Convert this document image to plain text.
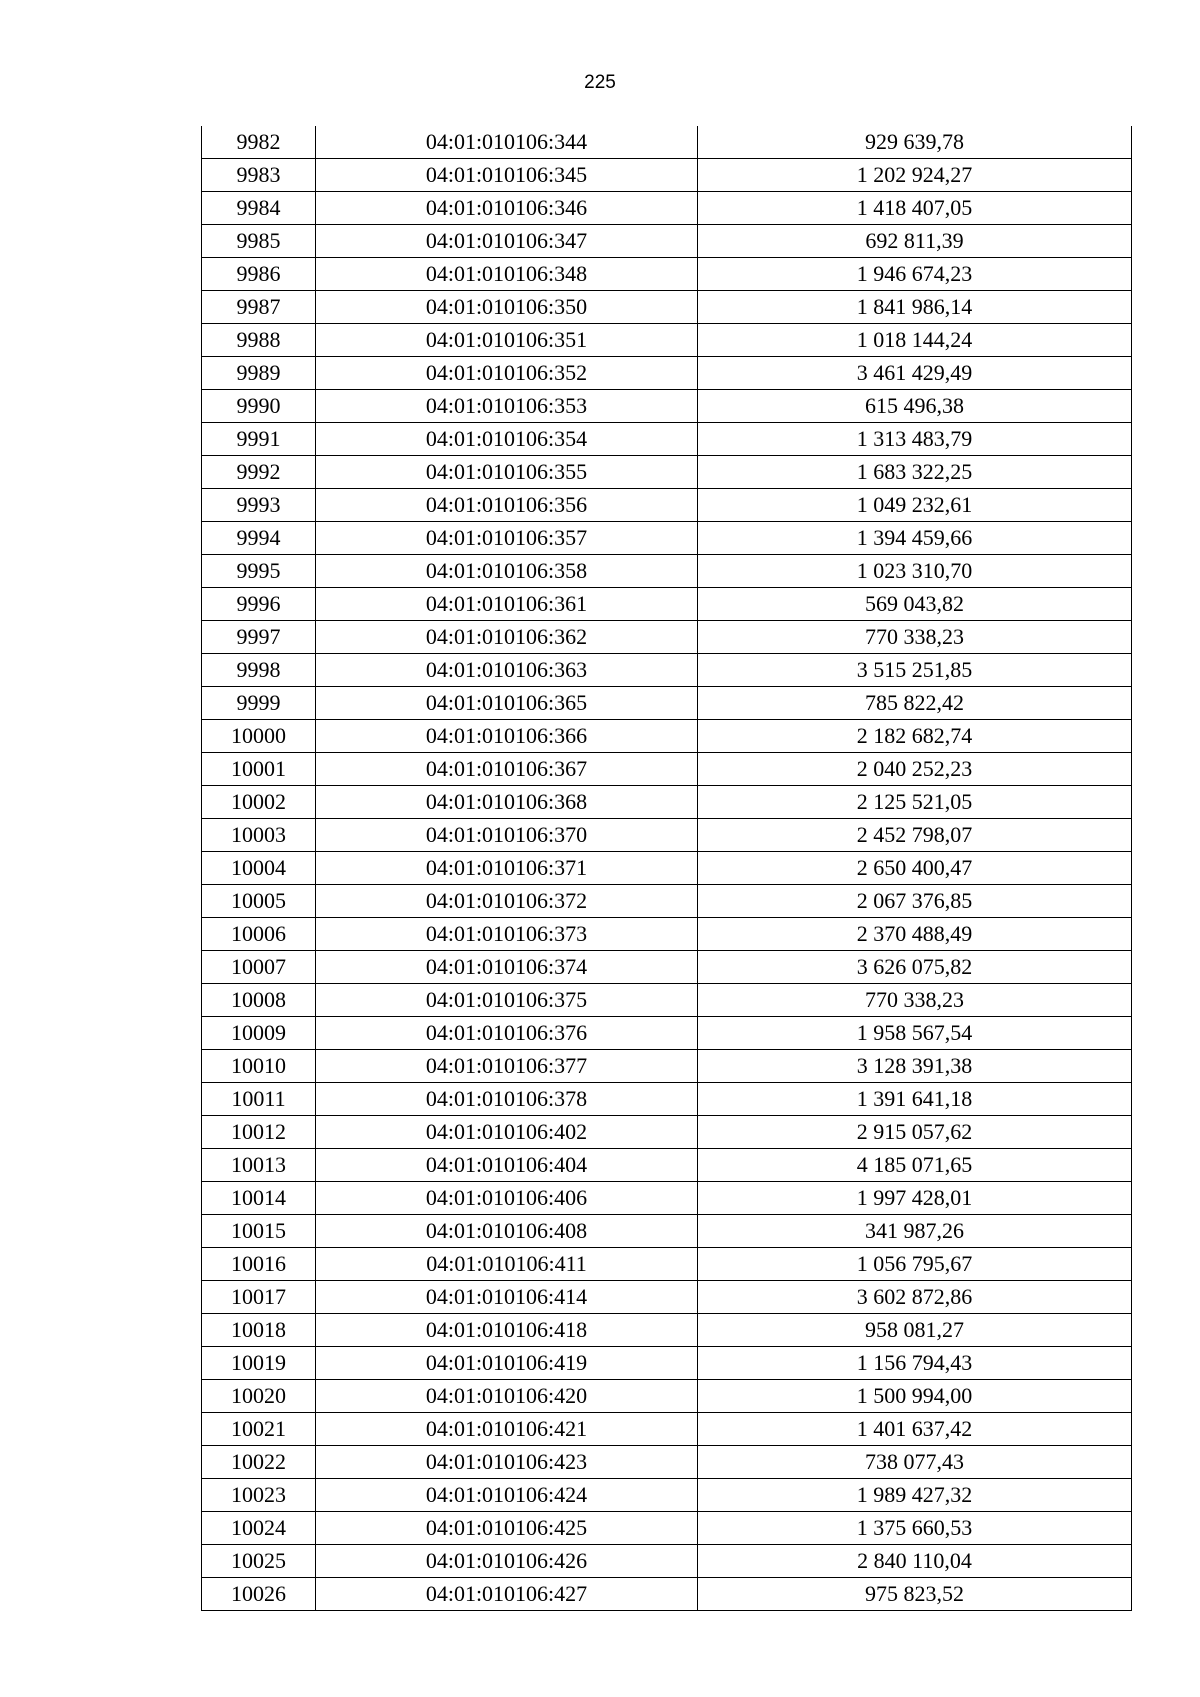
225
9982	04:01:010106:344	929 639,78
9983	04:01:010106:345	1 202 924,27
9984	04:01:010106:346	1 418 407,05
9985	04:01:010106:347	692 811,39
9986	04:01:010106:348	1 946 674,23
9987	04:01:010106:350	1 841 986,14
9988	04:01:010106:351	1 018 144,24
9989	04:01:010106:352	3 461 429,49
9990	04:01:010106:353	615 496,38
9991	04:01:010106:354	1 313 483,79
9992	04:01:010106:355	1 683 322,25
9993	04:01:010106:356	1 049 232,61
9994	04:01:010106:357	1 394 459,66
9995	04:01:010106:358	1 023 310,70
9996	04:01:010106:361	569 043,82
9997	04:01:010106:362	770 338,23
9998	04:01:010106:363	3 515 251,85
9999	04:01:010106:365	785 822,42
10000	04:01:010106:366	2 182 682,74
10001	04:01:010106:367	2 040 252,23
10002	04:01:010106:368	2 125 521,05
10003	04:01:010106:370	2 452 798,07
10004	04:01:010106:371	2 650 400,47
10005	04:01:010106:372	2 067 376,85
10006	04:01:010106:373	2 370 488,49
10007	04:01:010106:374	3 626 075,82
10008	04:01:010106:375	770 338,23
10009	04:01:010106:376	1 958 567,54
10010	04:01:010106:377	3 128 391,38
10011	04:01:010106:378	1 391 641,18
10012	04:01:010106:402	2 915 057,62
10013	04:01:010106:404	4 185 071,65
10014	04:01:010106:406	1 997 428,01
10015	04:01:010106:408	341 987,26
10016	04:01:010106:411	1 056 795,67
10017	04:01:010106:414	3 602 872,86
10018	04:01:010106:418	958 081,27
10019	04:01:010106:419	1 156 794,43
10020	04:01:010106:420	1 500 994,00
10021	04:01:010106:421	1 401 637,42
10022	04:01:010106:423	738 077,43
10023	04:01:010106:424	1 989 427,32
10024	04:01:010106:425	1 375 660,53
10025	04:01:010106:426	2 840 110,04
10026	04:01:010106:427	975 823,52
